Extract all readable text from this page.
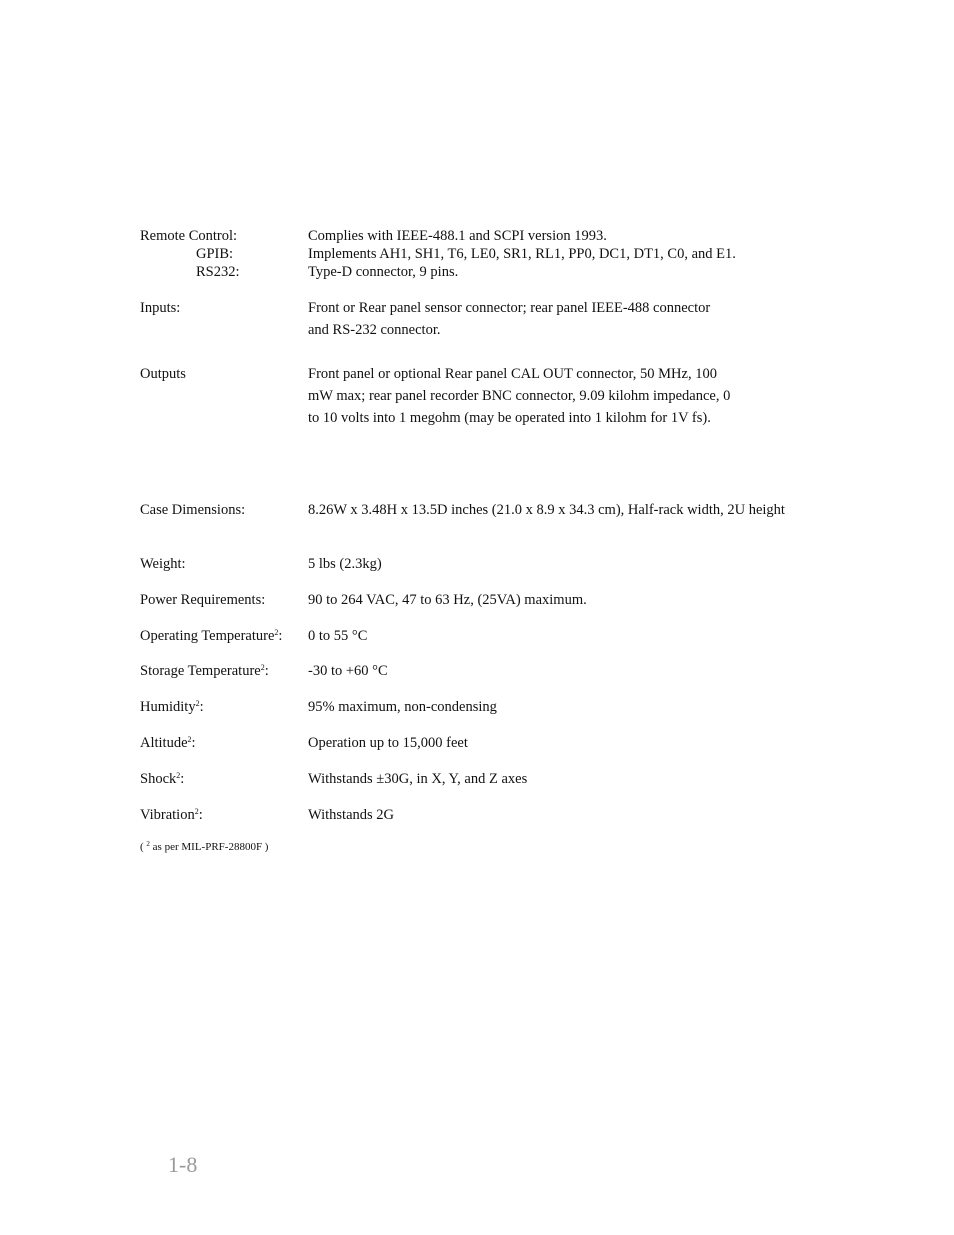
Remote Control:	Complies with IEEE-488.1 and SCPI version 1993.
GPIB:	Implements AH1, SH1, T6, LE0, SR1, RL1, PP0, DC1, DT1, C0, and E1.
RS232:	Type-D connector, 9 pins.
Inputs:	Front or Rear panel sensor connector; rear panel IEEE-488 connector
and RS-232 connector.
Outputs	Front panel or optional Rear panel CAL OUT connector, 50 MHz, 100
mW max; rear panel recorder BNC connector, 9.09 kilohm impedance, 0
to 10 volts into 1 megohm (may be operated into 1 kilohm for 1V fs).
Case Dimensions:	8.26W x 3.48H x 13.5D inches (21.0 x 8.9 x 34.3 cm), Half-rack width, 2U height
Weight:	5 lbs (2.3kg)
Power Requirements:	90 to 264 VAC, 47 to 63 Hz, (25VA) maximum.
Operating Temperature$^2$: 0 to 55 °C
Storage Temperature$^2$:	-30 to +60 °C
Humidity$^2$:	95% maximum, non-condensing
Altitude$^2$:	Operation up to 15,000 feet
Shock$^2$:	Withstands ±30G, in X, Y, and Z axes
Vibration$^2$:	Withstands 2G
( $^2$ as per MIL-PRF-28800F )
1-8
